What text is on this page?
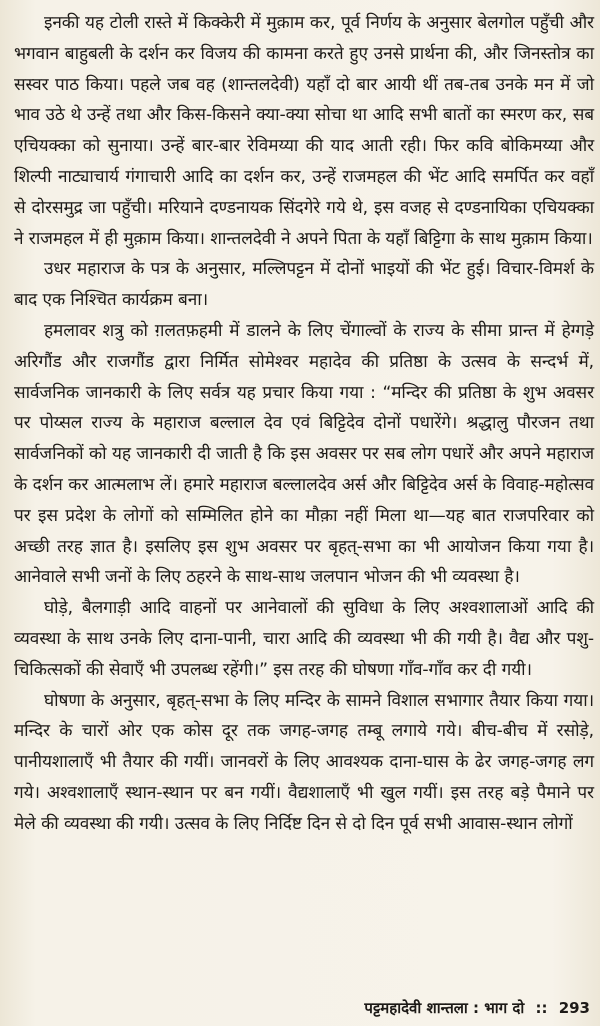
इनकी यह टोली रास्ते में किक्केरी में मुक़ाम कर, पूर्व निर्णय के अनुसार बेलगोल पहुँची और भगवान बाहुबली के दर्शन कर विजय की कामना करते हुए उनसे प्रार्थना की, और जिनस्तोत्र का सस्वर पाठ किया। पहले जब वह (शान्तलदेवी) यहाँ दो बार आयी थीं तब-तब उनके मन में जो भाव उठे थे उन्हें तथा और किस-किसने क्या-क्या सोचा था आदि सभी बातों का स्मरण कर, सब एचियक्का को सुनाया। उन्हें बार-बार रेविमय्या की याद आती रही। फिर कवि बोकिमय्या और शिल्पी नाट्याचार्य गंगाचारी आदि का दर्शन कर, उन्हें राजमहल की भेंट आदि समर्पित कर वहाँ से दोरसमुद्र जा पहुँची। मरियाने दण्डनायक सिंदगेरे गये थे, इस वजह से दण्डनायिका एचियक्का ने राजमहल में ही मुक़ाम किया। शान्तलदेवी ने अपने पिता के यहाँ बिट्टिगा के साथ मुक़ाम किया।

उधर महाराज के पत्र के अनुसार, मल्लिपट्टन में दोनों भाइयों की भेंट हुई। विचार-विमर्श के बाद एक निश्चित कार्यक्रम बना।

हमलावर शत्रु को ग़लतफ़हमी में डालने के लिए चेंगाल्वों के राज्य के सीमा प्रान्त में हेग्गड़े अरिगौंड और राजगौंड द्वारा निर्मित सोमेश्वर महादेव की प्रतिष्ठा के उत्सव के सन्दर्भ में, सार्वजनिक जानकारी के लिए सर्वत्र यह प्रचार किया गया : “मन्दिर की प्रतिष्ठा के शुभ अवसर पर पोय्सल राज्य के महाराज बल्लाल देव एवं बिट्टिदेव दोनों पधारेंगे। श्रद्धालु पौरजन तथा सार्वजनिकों को यह जानकारी दी जाती है कि इस अवसर पर सब लोग पधारें और अपने महाराज के दर्शन कर आत्मलाभ लें। हमारे महाराज बल्लालदेव अर्स और बिट्टिदेव अर्स के विवाह-महोत्सव पर इस प्रदेश के लोगों को सम्मिलित होने का मौक़ा नहीं मिला था—यह बात राजपरिवार को अच्छी तरह ज्ञात है। इसलिए इस शुभ अवसर पर बृहत्-सभा का भी आयोजन किया गया है। आनेवाले सभी जनों के लिए ठहरने के साथ-साथ जलपान भोजन की भी व्यवस्था है।

घोड़े, बैलगाड़ी आदि वाहनों पर आनेवालों की सुविधा के लिए अश्वशालाओं आदि की व्यवस्था के साथ उनके लिए दाना-पानी, चारा आदि की व्यवस्था भी की गयी है। वैद्य और पशु-चिकित्सकों की सेवाएँ भी उपलब्ध रहेंगी।” इस तरह की घोषणा गाँव-गाँव कर दी गयी।

घोषणा के अनुसार, बृहत्-सभा के लिए मन्दिर के सामने विशाल सभागार तैयार किया गया। मन्दिर के चारों ओर एक कोस दूर तक जगह-जगह तम्बू लगाये गये। बीच-बीच में रसोड़े, पानीयशालाएँ भी तैयार की गयीं। जानवरों के लिए आवश्यक दाना-घास के ढेर जगह-जगह लग गये। अश्वशालाएँ स्थान-स्थान पर बन गयीं। वैद्यशालाएँ भी खुल गयीं। इस तरह बड़े पैमाने पर मेले की व्यवस्था की गयी। उत्सव के लिए निर्दिष्ट दिन से दो दिन पूर्व सभी आवास-स्थान लोगों

पट्टमहादेवी शान्तला : भाग दो :: 293
